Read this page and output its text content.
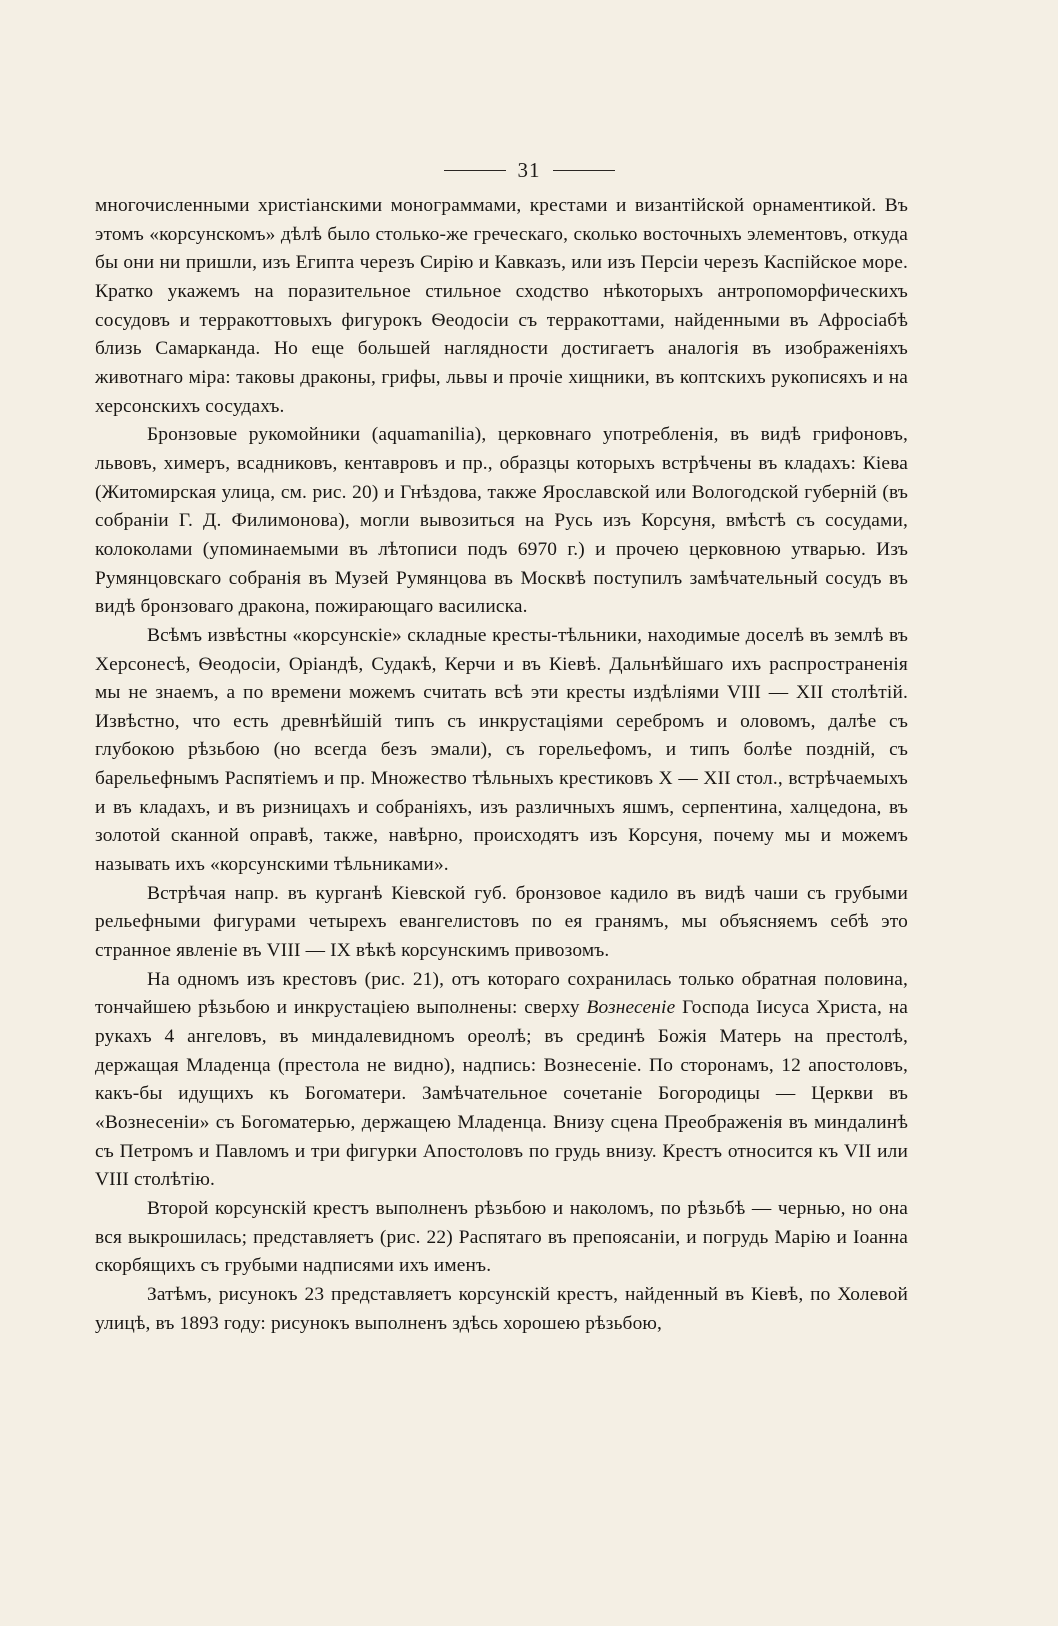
31

многочисленными христіанскими монограммами, крестами и византійской орнаментикой. Въ этомъ «корсунскомъ» дѣлѣ было столько-же греческаго, сколько восточныхъ элементовъ, откуда бы они ни пришли, изъ Египта черезъ Сирію и Кавказъ, или изъ Персіи черезъ Каспійское море. Кратко укажемъ на поразительное стильное сходство нѣкоторыхъ антропоморфическихъ сосудовъ и терракоттовыхъ фигурокъ Ѳеодосіи съ терракоттами, найденными въ Афросіабѣ близь Самарканда. Но еще большей наглядности достигаетъ аналогія въ изображеніяхъ животнаго міра: таковы драконы, грифы, львы и прочіе хищники, въ коптскихъ рукописяхъ и на херсонскихъ сосудахъ.

Бронзовые рукомойники (aquamanilia), церковнаго употребленія, въ видѣ грифоновъ, львовъ, химеръ, всадниковъ, кентавровъ и пр., образцы которыхъ встрѣчены въ кладахъ: Кіева (Житомирская улица, см. рис. 20) и Гнѣздова, также Ярославской или Вологодской губерній (въ собраніи Г. Д. Филимонова), могли вывозиться на Русь изъ Корсуня, вмѣстѣ съ сосудами, колоколами (упоминаемыми въ лѣтописи подъ 6970 г.) и прочею церковною утварью. Изъ Румянцовскаго собранія въ Музей Румянцова въ Москвѣ поступилъ замѣчательный сосудъ въ видѣ бронзоваго дракона, пожирающаго василиска.

Всѣмъ извѣстны «корсунскіе» складные кресты-тѣльники, находимые доселѣ въ землѣ въ Херсонесѣ, Ѳеодосіи, Оріандѣ, Судакѣ, Керчи и въ Кіевѣ. Дальнѣйшаго ихъ распространенія мы не знаемъ, а по времени можемъ считать всѣ эти кресты издѣліями VIII — XII столѣтій. Извѣстно, что есть древнѣйшій типъ съ инкрустаціями серебромъ и оловомъ, далѣе съ глубокою рѣзьбою (но всегда безъ эмали), съ горельефомъ, и типъ болѣе поздній, съ барельефнымъ Распятіемъ и пр. Множество тѣльныхъ крестиковъ X — XII стол., встрѣчаемыхъ и въ кладахъ, и въ ризницахъ и собраніяхъ, изъ различныхъ яшмъ, серпентина, халцедона, въ золотой сканной оправѣ, также, навѣрно, происходятъ изъ Корсуня, почему мы и можемъ называть ихъ «корсунскими тѣльниками».

Встрѣчая напр. въ курганѣ Кіевской губ. бронзовое кадило въ видѣ чаши съ грубыми рельефными фигурами четырехъ евангелистовъ по ея гранямъ, мы объясняемъ себѣ это странное явленіе въ VIII — IX вѣкѣ корсунскимъ привозомъ.

На одномъ изъ крестовъ (рис. 21), отъ котораго сохранилась только обратная половина, тончайшею рѣзьбою и инкрустаціею выполнены: сверху Вознесеніе Господа Іисуса Христа, на рукахъ 4 ангеловъ, въ миндалевидномъ ореолѣ; въ срединѣ Божія Матерь на престолѣ, держащая Младенца (престола не видно), надпись: Вознесеніе. По сторонамъ, 12 апостоловъ, какъ-бы идущихъ къ Богоматери. Замѣчательное сочетаніе Богородицы — Церкви въ «Вознесеніи» съ Богоматерью, держащею Младенца. Внизу сцена Преображенія въ миндалинѣ съ Петромъ и Павломъ и три фигурки Апостоловъ по грудь внизу. Крестъ относится къ VII или VIII столѣтію.

Второй корсунскій крестъ выполненъ рѣзьбою и наколомъ, по рѣзьбѣ — чернью, но она вся выкрошилась; представляетъ (рис. 22) Распятаго въ препоясаніи, и погрудь Марію и Іоанна скорбящихъ съ грубыми надписями ихъ именъ.

Затѣмъ, рисунокъ 23 представляетъ корсунскій крестъ, найденный въ Кіевѣ, по Холевой улицѣ, въ 1893 году: рисунокъ выполненъ здѣсь хорошею рѣзьбою,
